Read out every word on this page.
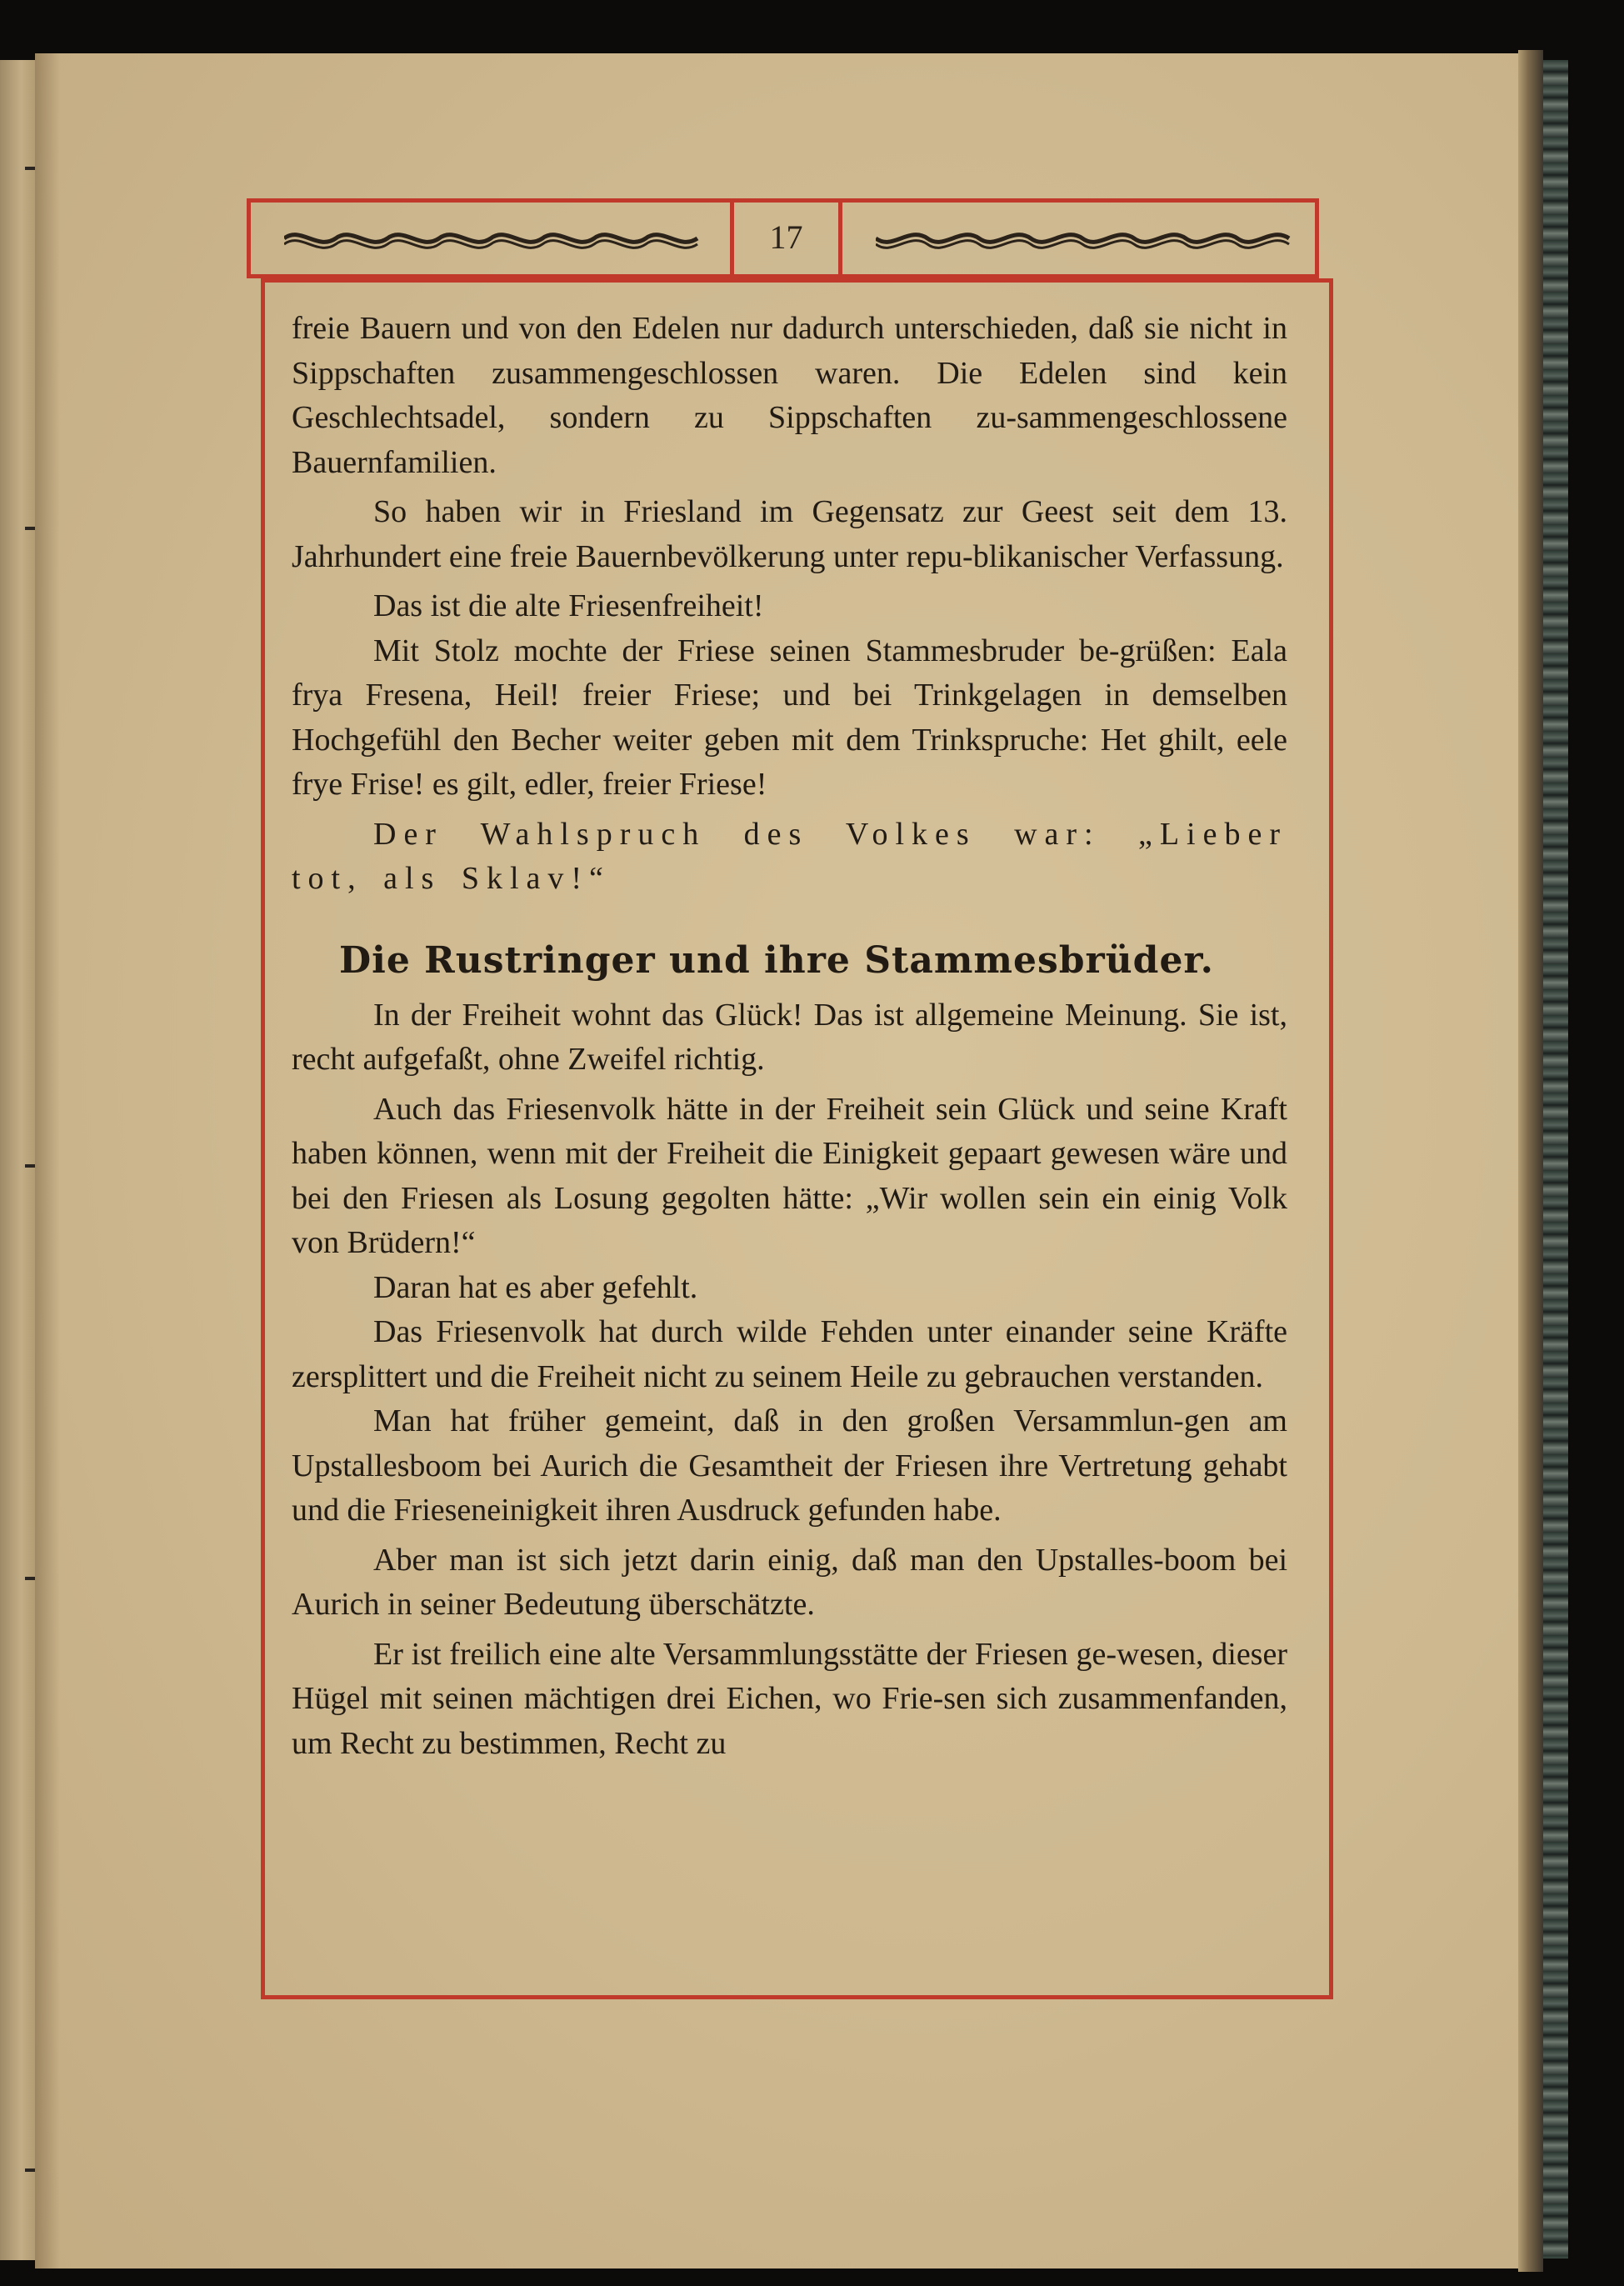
17

freie Bauern und von den Edelen nur dadurch unterschieden, daß sie nicht in Sippschaften zusammengeschlossen waren. Die Edelen sind kein Geschlechtsadel, sondern zu Sippschaften zu-sammengeschlossene Bauernfamilien.

So haben wir in Friesland im Gegensatz zur Geest seit dem 13. Jahrhundert eine freie Bauernbevölkerung unter repu-blikanischer Verfassung.

Das ist die alte Friesenfreiheit!

Mit Stolz mochte der Friese seinen Stammesbruder be-grüßen: Eala frya Fresena, Heil! freier Friese; und bei Trinkgelagen in demselben Hochgefühl den Becher weiter geben mit dem Trinkspruche: Het ghilt, eele frye Frise! es gilt, edler, freier Friese!

Der Wahlspruch des Volkes war: „Lieber tot, als Sklav!“

Die Rustringer und ihre Stammesbrüder.

In der Freiheit wohnt das Glück! Das ist allgemeine Meinung. Sie ist, recht aufgefaßt, ohne Zweifel richtig.

Auch das Friesenvolk hätte in der Freiheit sein Glück und seine Kraft haben können, wenn mit der Freiheit die Einigkeit gepaart gewesen wäre und bei den Friesen als Losung gegolten hätte: „Wir wollen sein ein einig Volk von Brüdern!“

Daran hat es aber gefehlt.

Das Friesenvolk hat durch wilde Fehden unter einander seine Kräfte zersplittert und die Freiheit nicht zu seinem Heile zu gebrauchen verstanden.

Man hat früher gemeint, daß in den großen Versammlun-gen am Upstallesboom bei Aurich die Gesamtheit der Friesen ihre Vertretung gehabt und die Frieseneinigkeit ihren Ausdruck gefunden habe.

Aber man ist sich jetzt darin einig, daß man den Upstalles-boom bei Aurich in seiner Bedeutung überschätzte.

Er ist freilich eine alte Versammlungsstätte der Friesen ge-wesen, dieser Hügel mit seinen mächtigen drei Eichen, wo Frie-sen sich zusammenfanden, um Recht zu bestimmen, Recht zu
